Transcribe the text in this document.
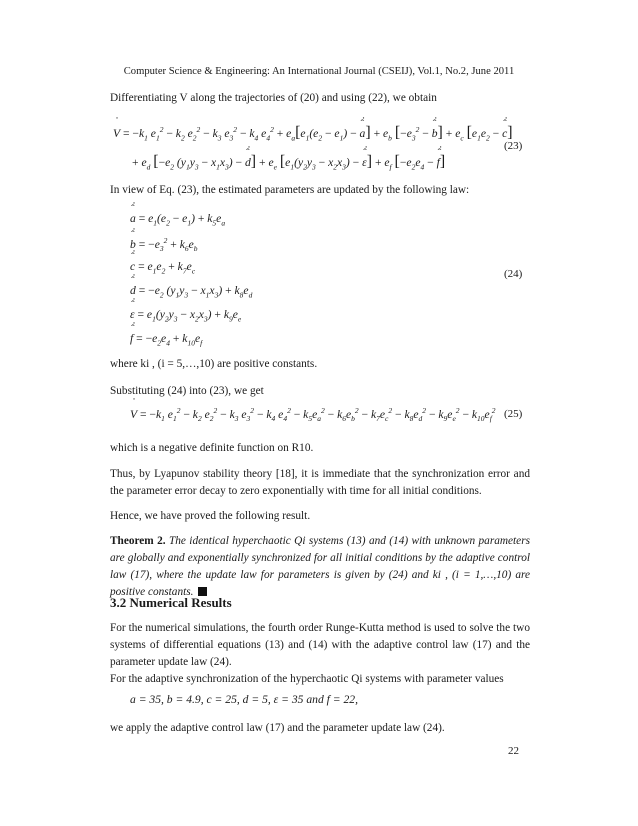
Computer Science & Engineering: An International Journal (CSEIJ), Vol.1, No.2, June 2011
Differentiating V along the trajectories of (20) and using (22), we obtain
V ˙ = $-k_1$ $e_1^2 - k_2$ $e_2^2 - k_3$ $e_3^2 - k_4$ $e_4^2 + e_a[e_1(e_2 - e_1)$ − ˆ a ˙] + $e_b$ [$-e_3^2$ − ˆ b ˙] + $e_c$ [$e_1e_2$ − ˆ c ˙]
(23)
+ $e_d$ [$-e_2$ $(y_1y_3 - x_1x_3)$ − ˆ d ˙] + $e_e$ [$e_1(y_2y_3 - x_2x_3)$ − ˆ ε ˙] + $e_f$ [$-e_2e_4$ − ˆ f ˙]
In view of Eq. (23), the estimated parameters are updated by the following law:
ˆ a ˙ = $e_1(e_2 - e_1) + k_5e_a$
ˆ b ˙ = $-e_3^2 + k_6e_b$
ˆ c ˙ = $e_1e_2 + k_7e_c$	(24)
ˆ d ˙ = $-e_2$ $(y_1y_3 - x_1x_3) + k_8e_d$
ˆ ε ˙ = $e_1(y_2y_3 - x_2x_3) + k_9e_e$
ˆ f ˙ = $-e_2e_4 + k_{10}e_f$
where ki , (i = 5,…,10) are positive constants.
Substituting (24) into (23), we get
V ˙ = $-k_1$ $e_1^2 - k_2$ $e_2^2 - k_3$ $e_3^2 - k_4$ $e_4^2 - k_5e_a^2 - k_6e_b^2 - k_7e_c^2 - k_8e_d^2 - k_9e_e^2 - k_{10}e_f^2$ (25)
which is a negative definite function on R10.
Thus, by Lyapunov stability theory [18], it is immediate that the synchronization error and the parameter error decay to zero exponentially with time for all initial conditions.
Hence, we have proved the following result.
Theorem 2. The identical hyperchaotic Qi systems (13) and (14) with unknown parameters are globally and exponentially synchronized for all initial conditions by the adaptive control law (17), where the update law for parameters is given by (24) and ki , (i = 1,…,10) are positive constants.
3.2 Numerical Results
For the numerical simulations, the fourth order Runge-Kutta method is used to solve the two systems of differential equations (13) and (14) with the adaptive control law (17) and the parameter update law (24).
For the adaptive synchronization of the hyperchaotic Qi systems with parameter values
a = 35, b = 4.9, c = 25, d = 5, ε = 35 and f = 22,
we apply the adaptive control law (17) and the parameter update law (24).
22
